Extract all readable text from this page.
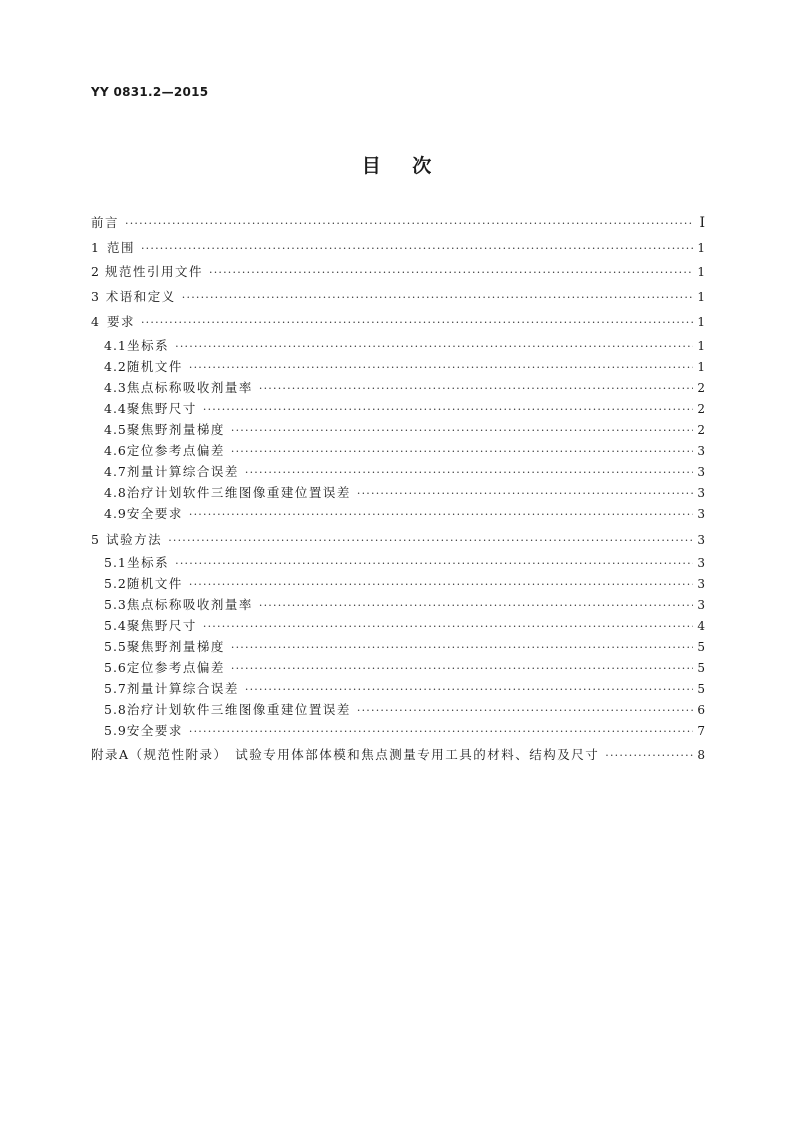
YY 0831.2—2015
目    次
前言 ·····	Ⅰ
1 范围 ·····	1
2 规范性引用文件 ·····	1
3 术语和定义 ·····	1
4 要求 ·····	1
4.1 坐标系 ·····	1
4.2 随机文件 ·····	1
4.3 焦点标称吸收剂量率 ·····	2
4.4 聚焦野尺寸 ·····	2
4.5 聚焦野剂量梯度 ·····	2
4.6 定位参考点偏差 ·····	3
4.7 剂量计算综合误差 ·····	3
4.8 治疗计划软件三维图像重建位置误差 ·····	3
4.9 安全要求 ·····	3
5 试验方法 ·····	3
5.1 坐标系 ·····	3
5.2 随机文件 ·····	3
5.3 焦点标称吸收剂量率 ·····	3
5.4 聚焦野尺寸 ·····	4
5.5 聚焦野剂量梯度 ·····	5
5.6 定位参考点偏差 ·····	5
5.7 剂量计算综合误差 ·····	5
5.8 治疗计划软件三维图像重建位置误差 ·····	6
5.9 安全要求 ·····	7
附录A（规范性附录）　试验专用体部体模和焦点测量专用工具的材料、结构及尺寸 ·····	8
